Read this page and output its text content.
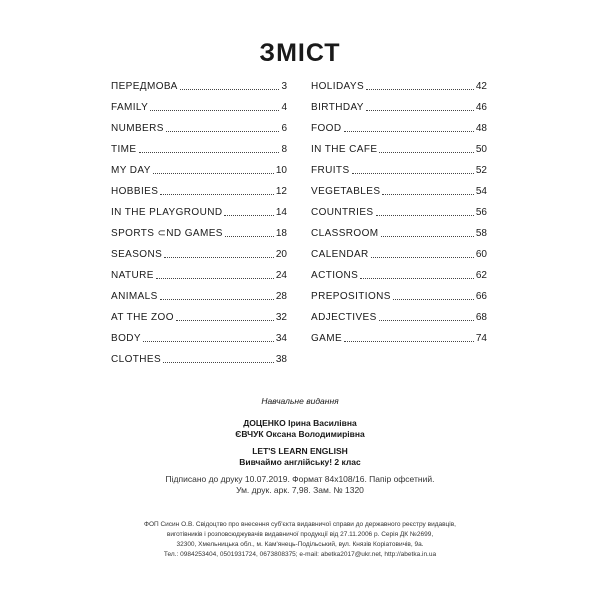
ЗМІСТ
ПЕРЕДМОВА	3
FAMILY	4
NUMBERS	6
TIME	8
MY DAY	10
HOBBIES	12
IN THE PLAYGROUND	14
SPORTS ⊂ND GAMES	18
SEASONS	20
NATURE	24
ANIMALS	28
AT THE ZOO	32
BODY	34
CLOTHES	38
HOLIDAYS	42
BIRTHDAY	46
FOOD	48
IN THE CAFE	50
FRUITS	52
VEGETABLES	54
COUNTRIES	56
CLASSROOM	58
CALENDAR	60
ACTIONS	62
PREPOSITIONS	66
ADJECTIVES	68
GAME	74
Навчальне видання
ДОЦЕНКО Ірина Василівна
ЄВЧУК Оксана Володимирівна
LET'S LEARN ENGLISH
Вивчаймо англійську! 2 клас
Підписано до друку 10.07.2019. Формат 84х108/16. Папір офсетний.
Ум. друк. арк. 7,98. Зам. № 1320
ФОП Сисин О.В. Свідоцтво про внесення суб'єкта видавничої справи до державного реєстру видавців,
виготівників і розповсюджувачів видавничої продукції від 27.11.2006 р. Серія ДК №2699,
32300, Хмельницька обл., м. Кам'янець-Подільський, вул. Князів Коріатовичів, 9а.
Тел.: 0984253404, 0501931724, 0673808375; e-mail: abetka2017@ukr.net, http://abetka.in.ua
